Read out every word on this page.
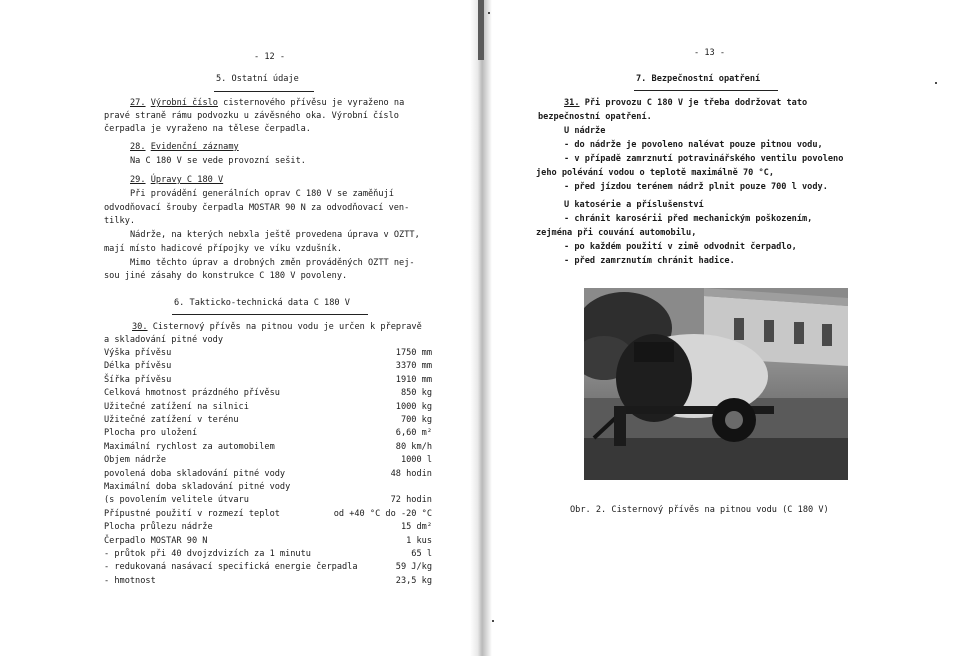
- 12 -
5. Ostatní údaje
27. Výrobní číslo cisternového přívěsu je vyraženo na
pravé straně rámu podvozku u závěsného oka. Výrobní číslo
čerpadla je vyraženo na tělese čerpadla.
28. Evidenční záznamy
Na C 180 V se vede provozní sešit.
29. Úpravy C 180 V
Při provádění generálních oprav C 180 V se zaměňují
odvodňovací šrouby čerpadla MOSTAR 90 N za odvodňovací ven-
tilky.
Nádrže, na kterých nebxla ještě provedena úprava v OZTT,
mají místo hadicové přípojky ve víku vzdušník.
Mimo těchto úprav a drobných změn prováděných OZTT nej-
sou jiné zásahy do konstrukce C 180 V povoleny.
6. Takticko-technická data C 180 V
30. Cisternový přívěs na pitnou vodu je určen k přepravě
a skladování pitné vody
Výška přívěsu	1750 mm
Délka přívěsu	3370 mm
Šířka přívěsu	1910 mm
Celková hmotnost prázdného přívěsu	850 kg
Užitečné zatížení na silnici	1000 kg
Užitečné zatížení v terénu	700 kg
Plocha pro uložení	6,60 m²
Maximální rychlost za automobilem	80 km/h
Objem nádrže	1000 l
povolená doba skladování pitné vody	48 hodin
Maximální doba skladování pitné vody
(s povolením velitele útvaru	72 hodin
Přípustné použití v rozmezí teplot	od +40 °C do -20 °C
Plocha průlezu nádrže	15 dm²
Čerpadlo MOSTAR 90 N	1 kus
- průtok při 40 dvojzdvizích za 1 minutu	65 l
- redukovaná nasávací specifická energie čerpadla	59 J/kg
- hmotnost	23,5 kg
- 13 -
7. Bezpečnostní opatření
31. Při provozu C 180 V je třeba dodržovat tato
bezpečnostní opatření.
U nádrže
- do nádrže je povoleno nalévat pouze pitnou vodu,
- v případě zamrznutí potravinářského ventilu povoleno
jeho polévání vodou o teplotě maximálně 70 °C,
- před jízdou terénem nádrž plnit pouze 700 l vody.
U katosérie a příslušenství
- chránit karosérii před mechanickým poškozením,
zejména při couvání automobilu,
- po každém použití v zimě odvodnit čerpadlo,
- před zamrznutím chránit hadice.
Obr. 2. Cisternový přívěs na pitnou vodu (C 180 V)
